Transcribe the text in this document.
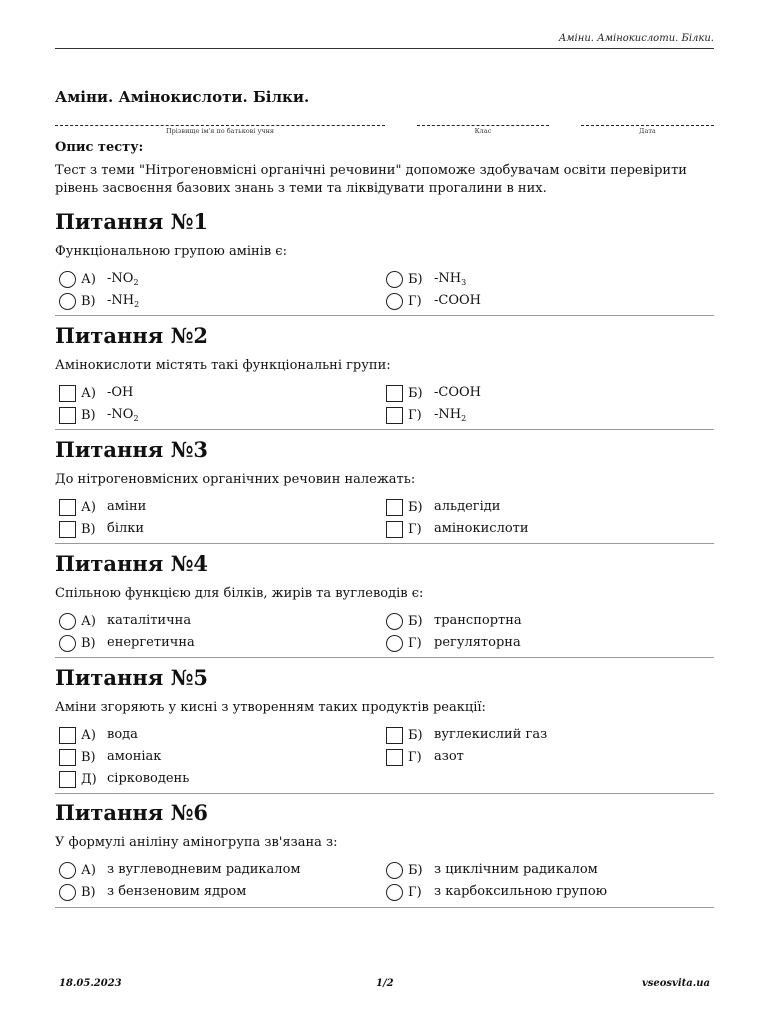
Аміни. Амінокислоти. Білки.
Аміни. Амінокислоти. Білки.
Прізвище ім'я по батькові учня	Клас	Дата

Опис тесту:

Тест з теми "Нітрогеновмісні органічні речовини" допоможе здобувачам освіти перевірити рівень засвоєння базових знань з теми та ліквідувати прогалини в них.

Питання №1

Функціональною групою амінів є:

А) $-NO_2$	Б) $-NH_3$
В) $-NH_2$	Г) -COOH
Питання №2

Амінокислоти містять такі функціональні групи:

А) -OH	Б) -COOH
В) $-NO_2$	Г) $-NH_2$
Питання №3

До нітрогеновмісних органічних речовин належать:

А) аміни	Б) альдегіди
В) білки	Г) амінокислоти
Питання №4

Спільною функцією для білків, жирів та вуглеводів є:

А) каталітична	Б) транспортна
В) енергетична	Г) регуляторна
Питання №5

Аміни згоряють у кисні з утворенням таких продуктів реакції:

А) вода	Б) вуглекислий газ
В) амоніак	Г) азот
Д) сірководень
Питання №6

У формулі аніліну аміногрупа зв'язана з:

А) з вуглеводневим радикалом	Б) з циклічним радикалом
В) з бензеновим ядром	Г) з карбоксильною групою
18.05.2023	1/2	vseosvita.ua
